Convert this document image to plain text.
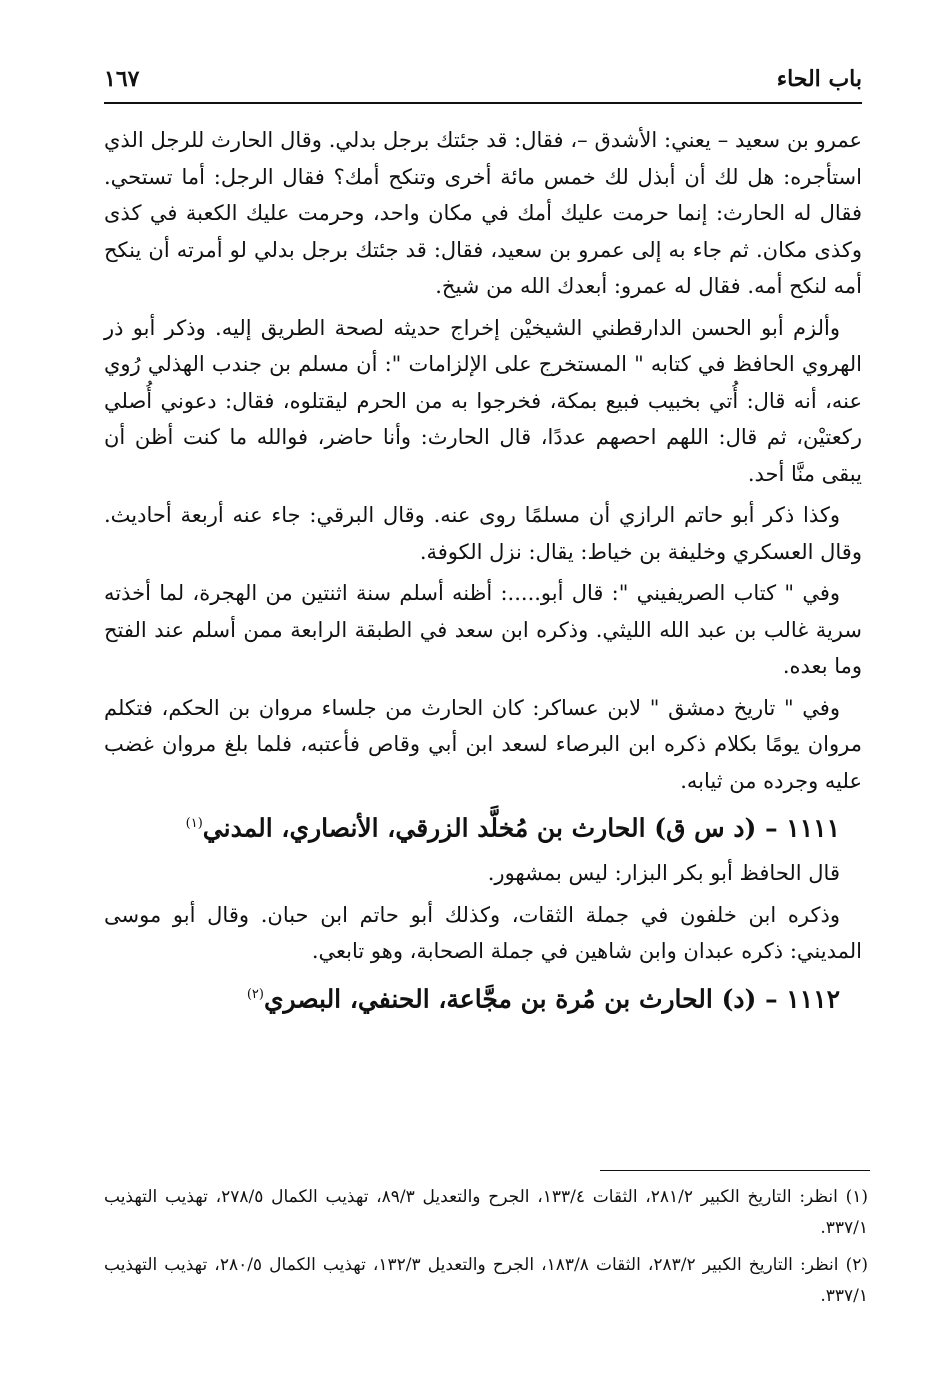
باب الحاء
١٦٧

عمرو بن سعيد – يعني: الأشدق –، فقال: قد جئتك برجل بدلي. وقال الحارث للرجل الذي استأجره: هل لك أن أبذل لك خمس مائة أخرى وتنكح أمك؟ فقال الرجل: أما تستحي. فقال له الحارث: إنما حرمت عليك أمك في مكان واحد، وحرمت عليك الكعبة في كذى وكذى مكان. ثم جاء به إلى عمرو بن سعيد، فقال: قد جئتك برجل بدلي لو أمرته أن ينكح أمه لنكح أمه. فقال له عمرو: أبعدك الله من شيخ.

وألزم أبو الحسن الدارقطني الشيخيْن إخراج حديثه لصحة الطريق إليه. وذكر أبو ذر الهروي الحافظ في كتابه " المستخرج على الإلزامات ": أن مسلم بن جندب الهذلي رُوي عنه، أنه قال: أُتي بخبيب فبيع بمكة، فخرجوا به من الحرم ليقتلوه، فقال: دعوني أُصلي ركعتيْن، ثم قال: اللهم احصهم عددًا، قال الحارث: وأنا حاضر، فوالله ما كنت أظن أن يبقى منَّا أحد.

وكذا ذكر أبو حاتم الرازي أن مسلمًا روى عنه. وقال البرقي: جاء عنه أربعة أحاديث. وقال العسكري وخليفة بن خياط: يقال: نزل الكوفة.

وفي " كتاب الصريفيني ": قال أبو.....: أظنه أسلم سنة اثنتين من الهجرة، لما أخذته سرية غالب بن عبد الله الليثي. وذكره ابن سعد في الطبقة الرابعة ممن أسلم عند الفتح وما بعده.

وفي " تاريخ دمشق " لابن عساكر: كان الحارث من جلساء مروان بن الحكم، فتكلم مروان يومًا بكلام ذكره ابن البرصاء لسعد ابن أبي وقاص فأعتبه، فلما بلغ مروان غضب عليه وجرده من ثيابه.

١١١١ – (د س ق) الحارث بن مُخلَّد الزرقي، الأنصاري، المدني$^{(١)}$

قال الحافظ أبو بكر البزار: ليس بمشهور.

وذكره ابن خلفون في جملة الثقات، وكذلك أبو حاتم ابن حبان. وقال أبو موسى المديني: ذكره عبدان وابن شاهين في جملة الصحابة، وهو تابعي.

١١١٢ – (د) الحارث بن مُرة بن مجَّاعة، الحنفي، البصري$^{(٢)}$

(١) انظر: التاريخ الكبير ٢٨١/٢، الثقات ١٣٣/٤، الجرح والتعديل ٨٩/٣، تهذيب الكمال ٢٧٨/٥، تهذيب التهذيب ٣٣٧/١.

(٢) انظر: التاريخ الكبير ٢٨٣/٢، الثقات ١٨٣/٨، الجرح والتعديل ١٣٢/٣، تهذيب الكمال ٢٨٠/٥، تهذيب التهذيب ٣٣٧/١.
